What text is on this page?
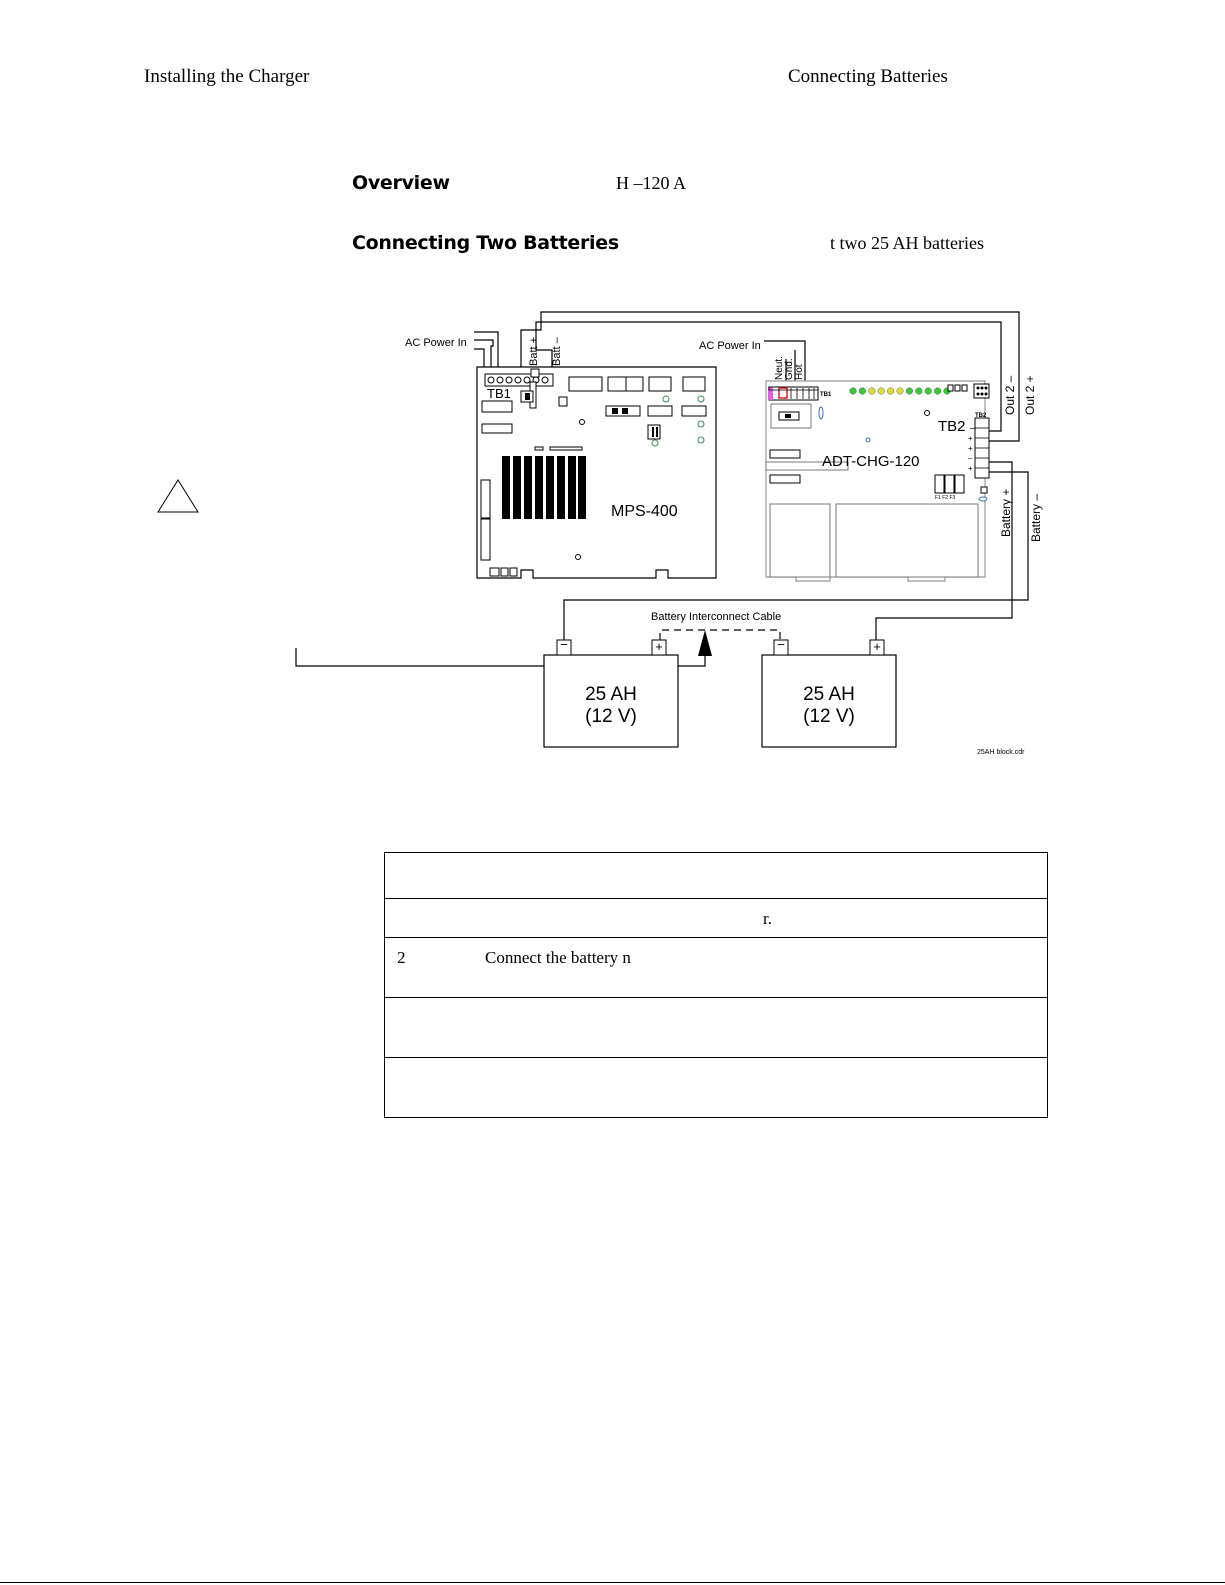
Installing the Charger	Connecting Batteries
Overview	H –120 A
Connecting Two Batteries	t two 25 AH batteries
AC Power In	Batt + Batt –
TB1
MPS-400
AC Power In
Neut. Gnd. Hot
TB1
TB2
TB2 –
+
+
–
+
Out 2 – Out 2 +
ADT-CHG-120
F1 F2 F3	Battery + Battery –
Battery Interconnect Cable
−	+	−	+
25 AH
(12 V)
25 AH
(12 V)
25AH block.cdr

	r.
2	Connect the battery n
